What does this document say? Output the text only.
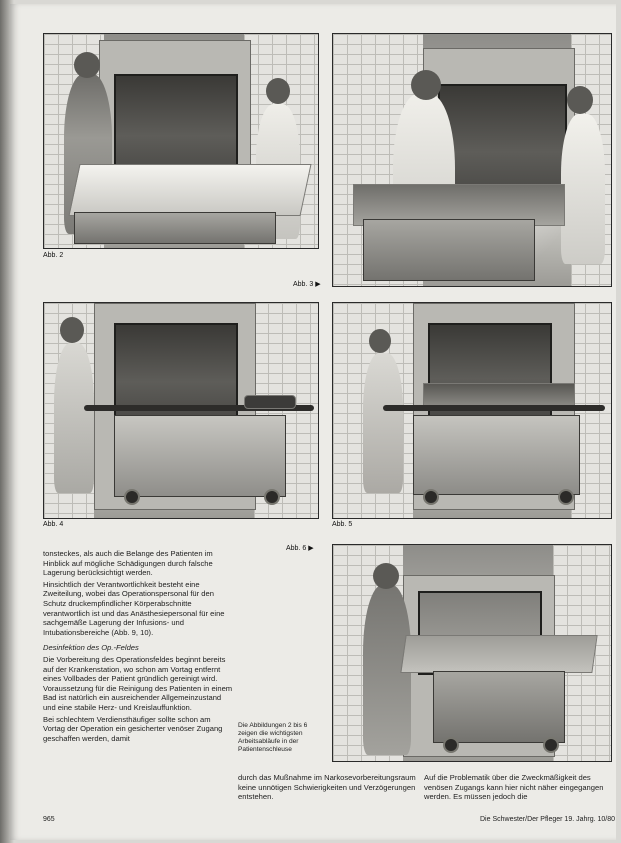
Abb. 2
Abb. 3 ▶
Abb. 4	Abb. 5
Abb. 6 ▶

tonsteckes, als auch die Belange des Patienten im Hinblick auf mögliche Schädigungen durch falsche Lagerung berücksichtigt werden.

Hinsichtlich der Verantwortlichkeit besteht eine Zweiteilung, wobei das Operationspersonal für den Schutz druckempfindlicher Körperabschnitte verantwortlich ist und das Anästhesiepersonal für eine sachgemäße Lagerung der Infusions- und Intubationsbereiche (Abb. 9, 10).

Desinfektion des Op.-Feldes

Die Vorbereitung des Operationsfeldes beginnt bereits auf der Krankenstation, wo schon am Vortag entfernt eines Vollbades der Patient gründlich gereinigt wird. Voraussetzung für die Reinigung des Patienten in einem Bad ist natürlich ein ausreichender Allgemeinzustand und eine stabile Herz- und Kreislauffunktion.

Bei schlechtem Verdiensthäufiger sollte schon am Vortag der Operation ein gesicherter venöser Zugang geschaffen werden, damit

Die Abbildungen 2 bis 6 zeigen die wichtigsten Arbeitsabläufe in der Patientenschleuse
durch das Mußnahme im Narkosevorbereitungsraum keine unnötigen Schwierigkeiten und Verzögerungen entstehen.
Auf die Problematik über die Zweckmäßigkeit des venösen Zugangs kann hier nicht näher eingegangen werden. Es müssen jedoch die
965	Die Schwester/Der Pfleger 19. Jahrg. 10/80
